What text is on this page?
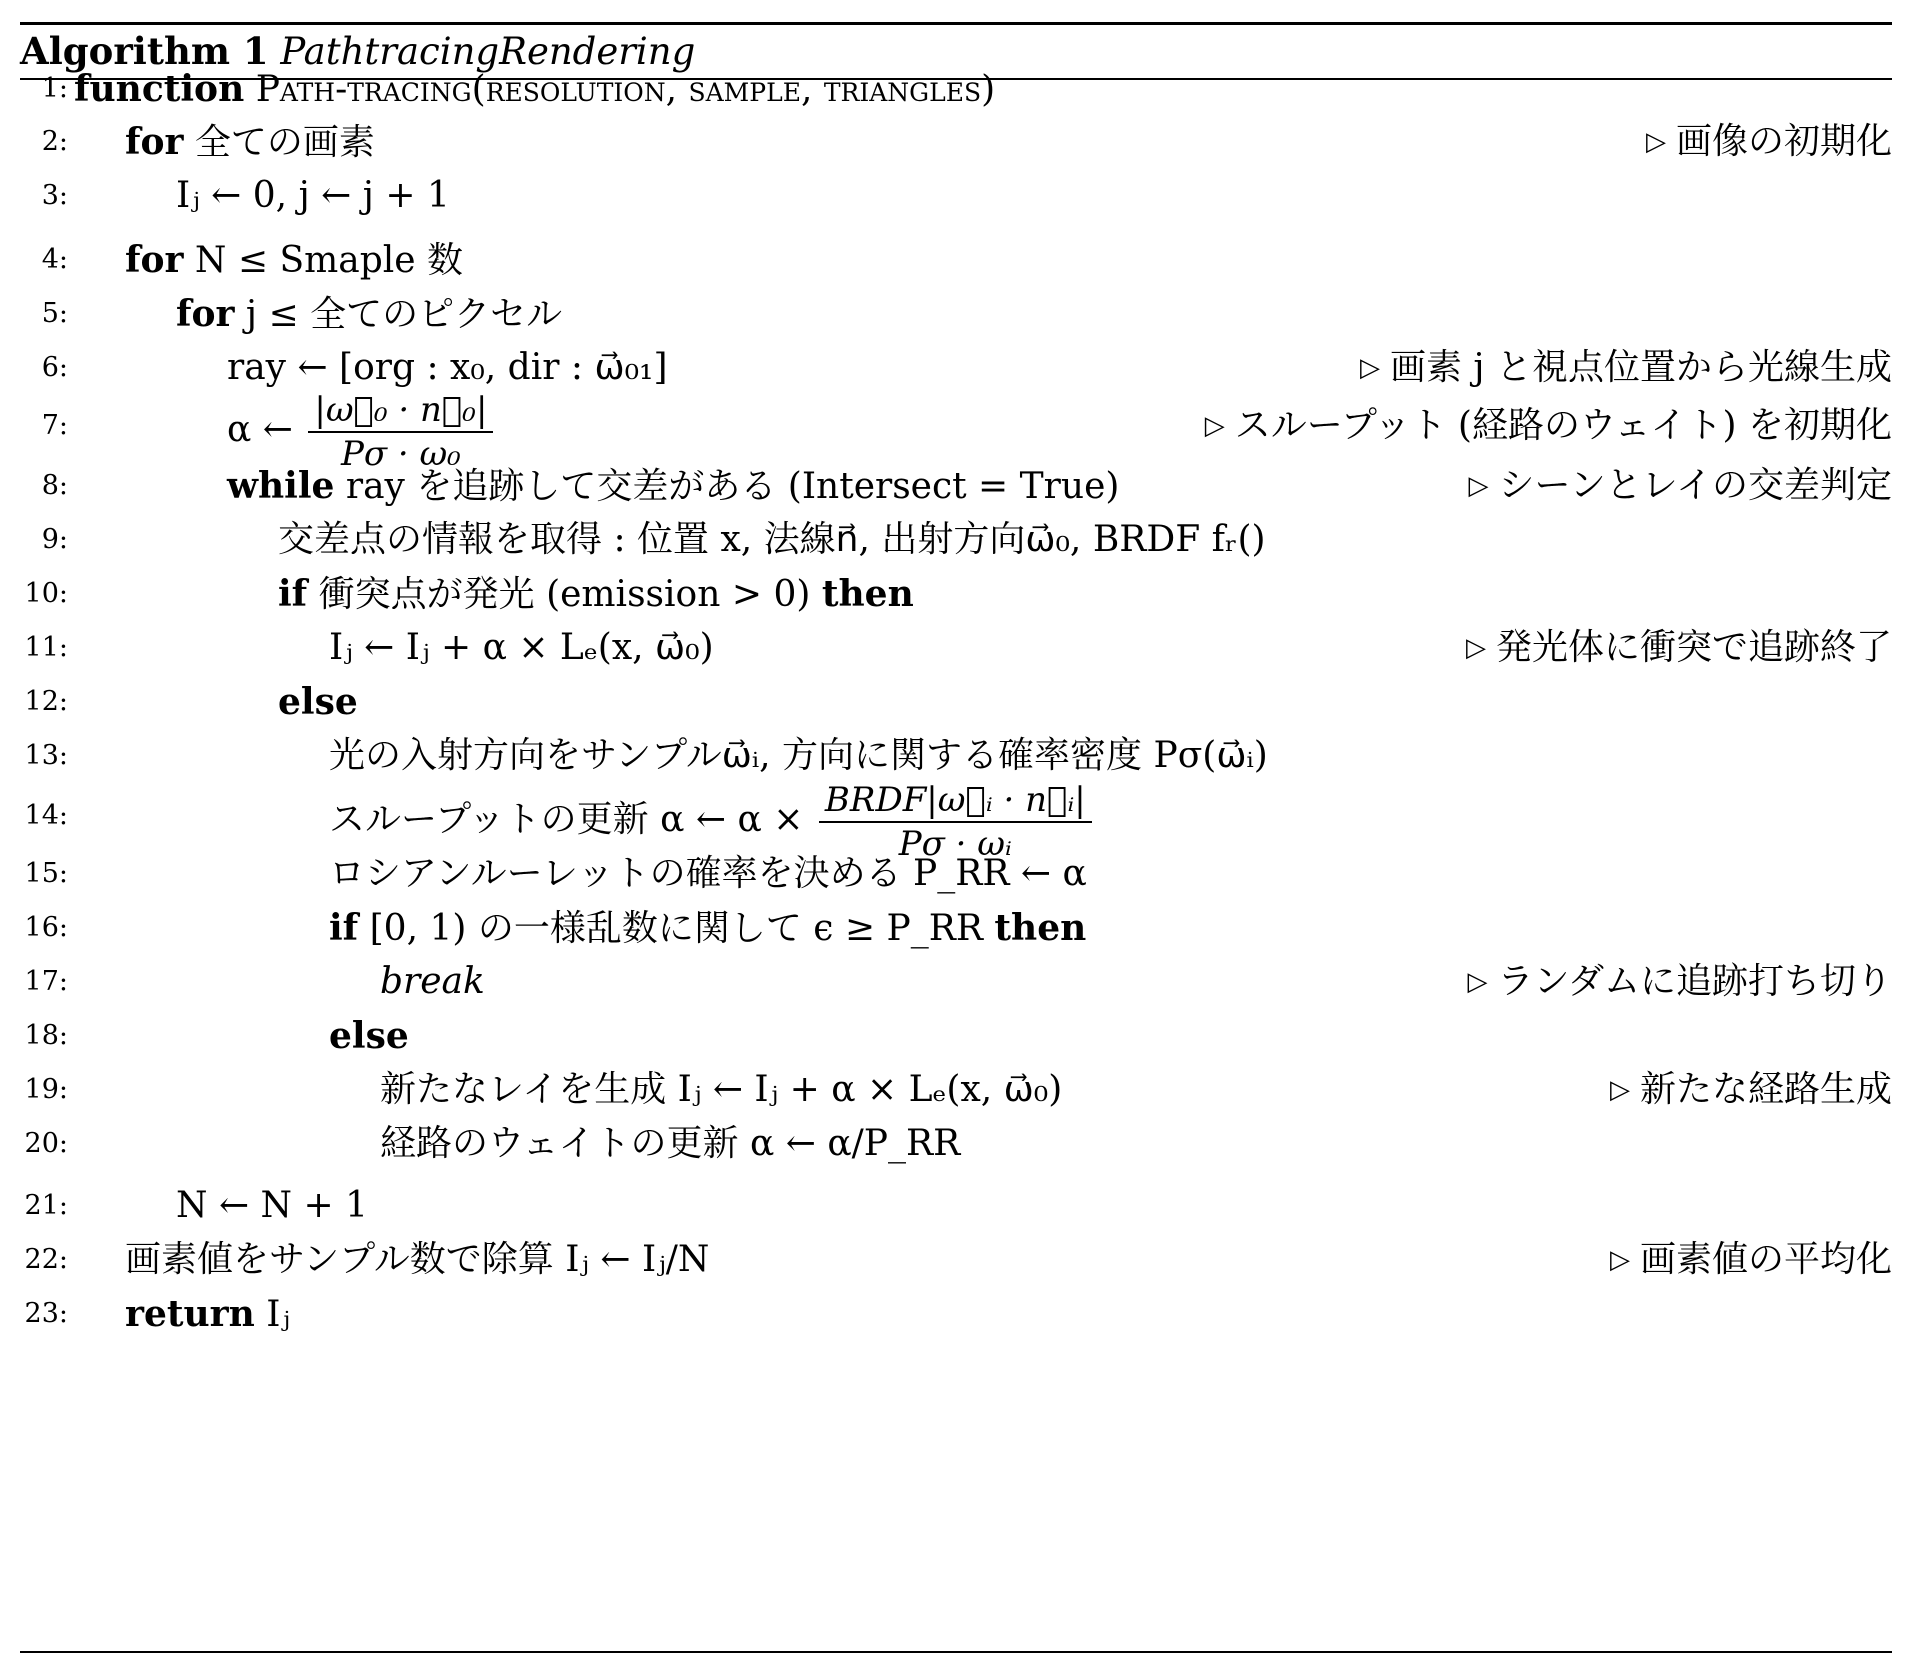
Algorithm 1 PathtracingRendering
1: function Path-tracing(resolution, sample, triangles)
2: for 全ての画素	▷ 画像の初期化
3:	Iⱼ ← 0, j ← j + 1
4: for N ≤ Smaple 数
5:	for j ≤ 全てのピクセル
6:	ray ← [org : x₀, dir : ω⃗₀₁]	▷ 画素 j と視点位置から光線生成
7:	α ← $\frac{\text{|ω⃗₀ · n⃗₀|}}{\text{Pσ · ω₀}}$	▷ スループット (経路のウェイト) を初期化
8:	while ray を追跡して交差がある (Intersect = True)	▷ シーンとレイの交差判定
9:	交差点の情報を取得 : 位置 x, 法線n⃗, 出射方向ω⃗₀, BRDF fᵣ()
10:	if 衝突点が発光 (emission > 0) then
11:	Iⱼ ← Iⱼ + α × Lₑ(x, ω⃗₀)	▷ 発光体に衝突で追跡終了
12:	else
13:	光の入射方向をサンプルω⃗ᵢ, 方向に関する確率密度 Pσ(ω⃗ᵢ)
14:	スループットの更新 α ← $\alpha \times \frac{\text{BRDF|ω⃗ᵢ · n⃗ᵢ|}}{\text{Pσ · ωᵢ}}$
15:	ロシアンルーレットの確率を決める P_RR ← α
16:	if [0, 1) の一様乱数に関して ϵ ≥ P_RR then
17:	break	▷ ランダムに追跡打ち切り
18:	else
19:	新たなレイを生成 Iⱼ ← Iⱼ + α × Lₑ(x, ω⃗₀)	▷ 新たな経路生成
20:	経路のウェイトの更新 α ← α/P_RR
21:	N ← N + 1
22: 画素値をサンプル数で除算 Iⱼ ← Iⱼ/N	▷ 画素値の平均化
23: return Iⱼ
